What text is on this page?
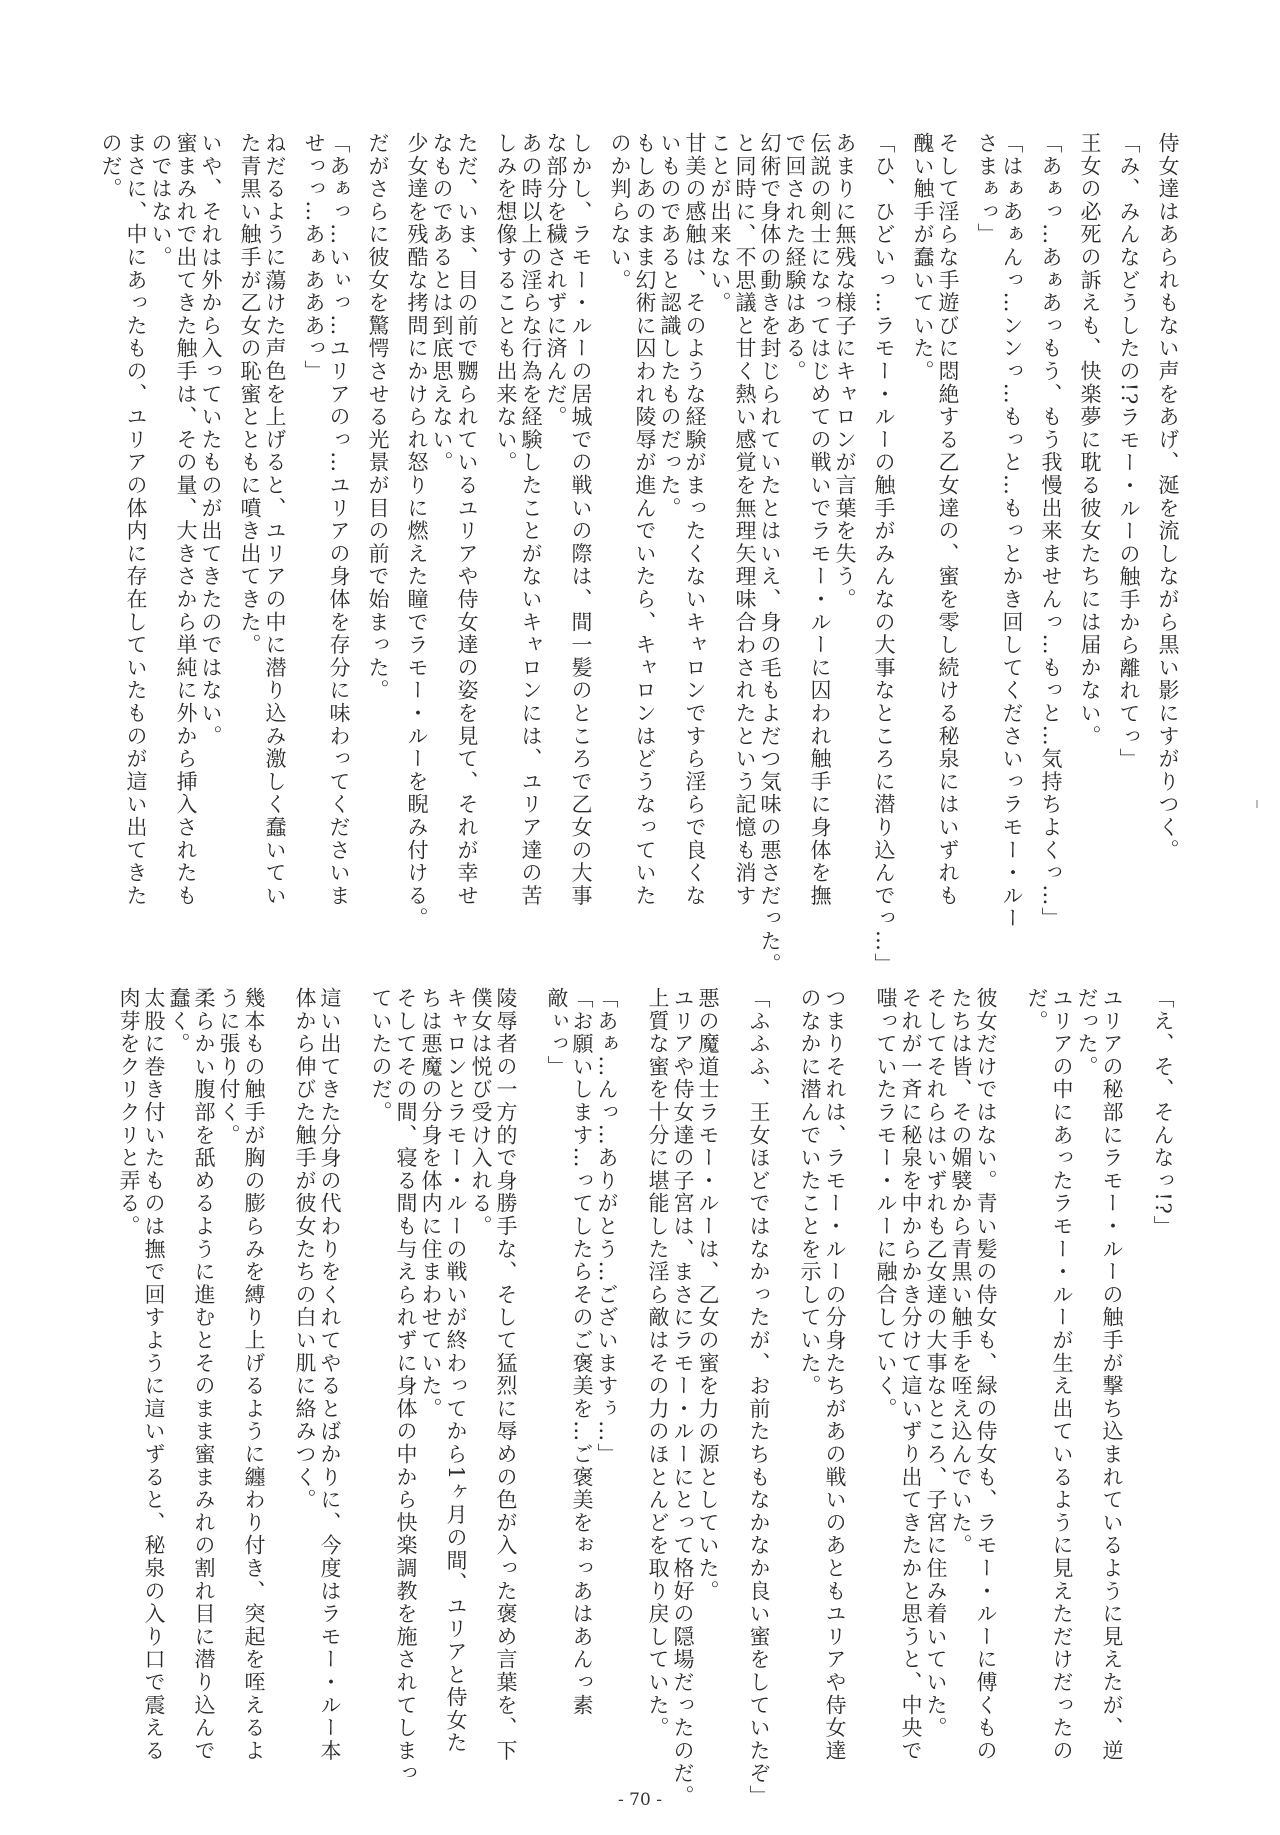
侍女達はあられもない声をあげ、涎を流しながら黒い影にすがりつく。
「み、みんなどうしたの!?ラモー・ルーの触手から離れてっ」
王女の必死の訴えも、快楽夢に耽る彼女たちには届かない。
「あぁっ…あぁあっもう、もう我慢出来ませんっ…もっと…気持ちよくっ…」
「はぁあぁんっ…ンンっ…もっと…もっとかき回してくださいっラモー・ルー
さまぁっ」
そして淫らな手遊びに悶絶する乙女達の、蜜を零し続ける秘泉にはいずれも
醜い触手が蠢いていた。
「ひ、ひどいっ…ラモー・ルーの触手がみんなの大事なところに潜り込んでっ…」
あまりに無残な様子にキャロンが言葉を失う。
伝説の剣士になってはじめての戦いでラモー・ルーに囚われ触手に身体を撫
で回された経験はある。
幻術で身体の動きを封じられていたとはいえ、身の毛もよだつ気味の悪さだった。
と同時に、不思議と甘く熱い感覚を無理矢理味合わされたという記憶も消す
ことが出来ない。
甘美の感触は、そのような経験がまったくないキャロンですら淫らで良くな
いものであると認識したものだった。
もしあのまま幻術に囚われ陵辱が進んでいたら、キャロンはどうなっていた
のか判らない。
しかし、ラモー・ルーの居城での戦いの際は、間一髪のところで乙女の大事
な部分を穢されずに済んだ。
あの時以上の淫らな行為を経験したことがないキャロンには、ユリア達の苦
しみを想像することも出来ない。
ただ、いま、目の前で嬲られているユリアや侍女達の姿を見て、それが幸せ
なものであるとは到底思えない。
少女達を残酷な拷問にかけられ怒りに燃えた瞳でラモー・ルーを睨み付ける。
だがさらに彼女を驚愕させる光景が目の前で始まった。
「あぁっ…いぃっ…ユリアのっ…ユリアの身体を存分に味わってくださいま
せっっ…あぁあああっ」
ねだるように蕩けた声色を上げると、ユリアの中に潜り込み激しく蠢いてい
た青黒い触手が乙女の恥蜜とともに噴き出てきた。
いや、それは外から入っていたものが出てきたのではない。
蜜まみれで出てきた触手は、その量、大きさから単純に外から挿入されたも
のではない。
まさに、中にあったもの、ユリアの体内に存在していたものが這い出てきた
のだ。
「え、そ、そんなっ!?」
ユリアの秘部にラモー・ルーの触手が撃ち込まれているように見えたが、逆
だった。
ユリアの中にあったラモー・ルーが生え出ているように見えただけだったの
だ。
彼女だけではない。青い髪の侍女も、緑の侍女も、ラモー・ルーに傅くもの
たちは皆、その媚襞から青黒い触手を咥え込んでいた。
そしてそれらはいずれも乙女達の大事なところ、子宮に住み着いていた。
それが一斉に秘泉を中からかき分けて這いずり出てきたかと思うと、中央で
嗤っていたラモー・ルーに融合していく。
つまりそれは、ラモー・ルーの分身たちがあの戦いのあともユリアや侍女達
のなかに潜んでいたことを示していた。
「ふふふ、王女ほどではなかったが、お前たちもなかなか良い蜜をしていたぞ」
悪の魔道士ラモー・ルーは、乙女の蜜を力の源としていた。
ユリアや侍女達の子宮は、まさにラモー・ルーにとって格好の隠場だったのだ。
上質な蜜を十分に堪能した淫ら敵はその力のほとんどを取り戻していた。
「あぁ…んっ…ありがとう…ございますぅ…」
「お願いします…ってしたらそのご褒美を…ご褒美をぉっあはあんっ素
敵ぃっ」
陵辱者の一方的で身勝手な、そして猛烈に辱めの色が入った褒め言葉を、下
僕女は悦び受け入れる。
キャロンとラモー・ルーの戦いが終わってから1ヶ月の間、ユリアと侍女た
ちは悪魔の分身を体内に住まわせていた。
そしてその間、寝る間も与えられずに身体の中から快楽調教を施されてしまっ
ていたのだ。
這い出てきた分身の代わりをくれてやるとばかりに、今度はラモー・ルー本
体から伸びた触手が彼女たちの白い肌に絡みつく。
幾本もの触手が胸の膨らみを縛り上げるように纏わり付き、突起を咥えるよ
うに張り付く。
柔らかい腹部を舐めるように進むとそのまま蜜まみれの割れ目に潜り込んで
蠢く。
太股に巻き付いたものは撫で回すように這いずると、秘泉の入り口で震える
肉芽をクリクリと弄る。
- 70 -
